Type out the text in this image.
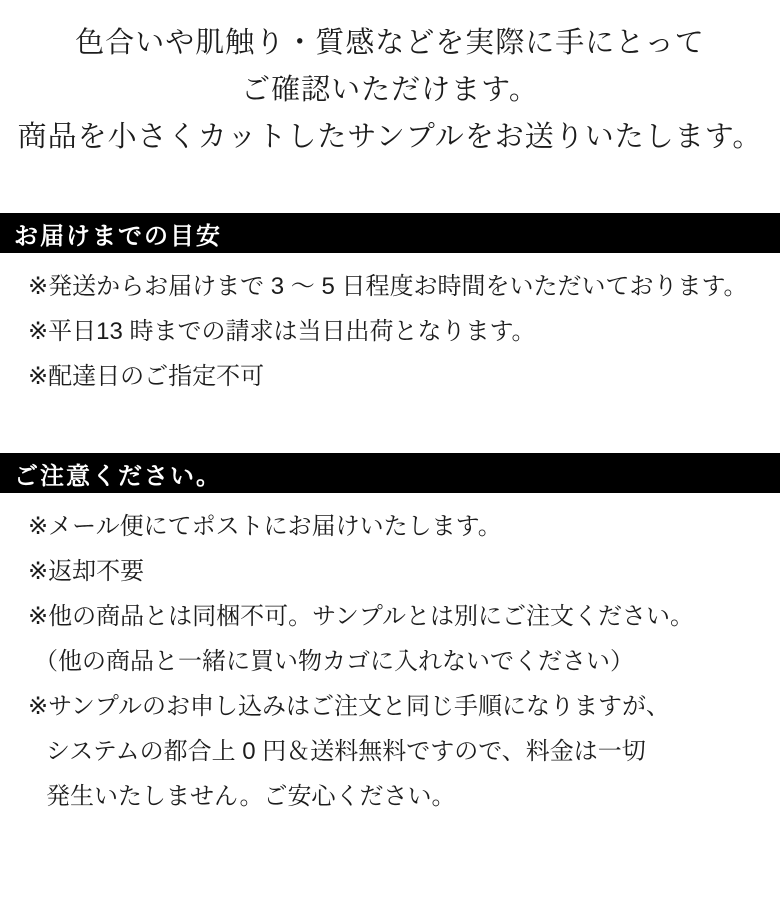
色合いや肌触り・質感などを実際に手にとって
ご確認いただけます。
商品を小さくカットしたサンプルをお送りいたします。
お届けまでの目安
※発送からお届けまで 3 ～ 5 日程度お時間をいただいております。
※平日13 時までの請求は当日出荷となります。
※配達日のご指定不可
ご注意ください。
※メール便にてポストにお届けいたします。
※返却不要
※他の商品とは同梱不可。サンプルとは別にご注文ください。
（他の商品と一緒に買い物カゴに入れないでください）
※サンプルのお申し込みはご注文と同じ手順になりますが、
システムの都合上 0 円＆送料無料ですので、料金は一切
発生いたしません。ご安心ください。
